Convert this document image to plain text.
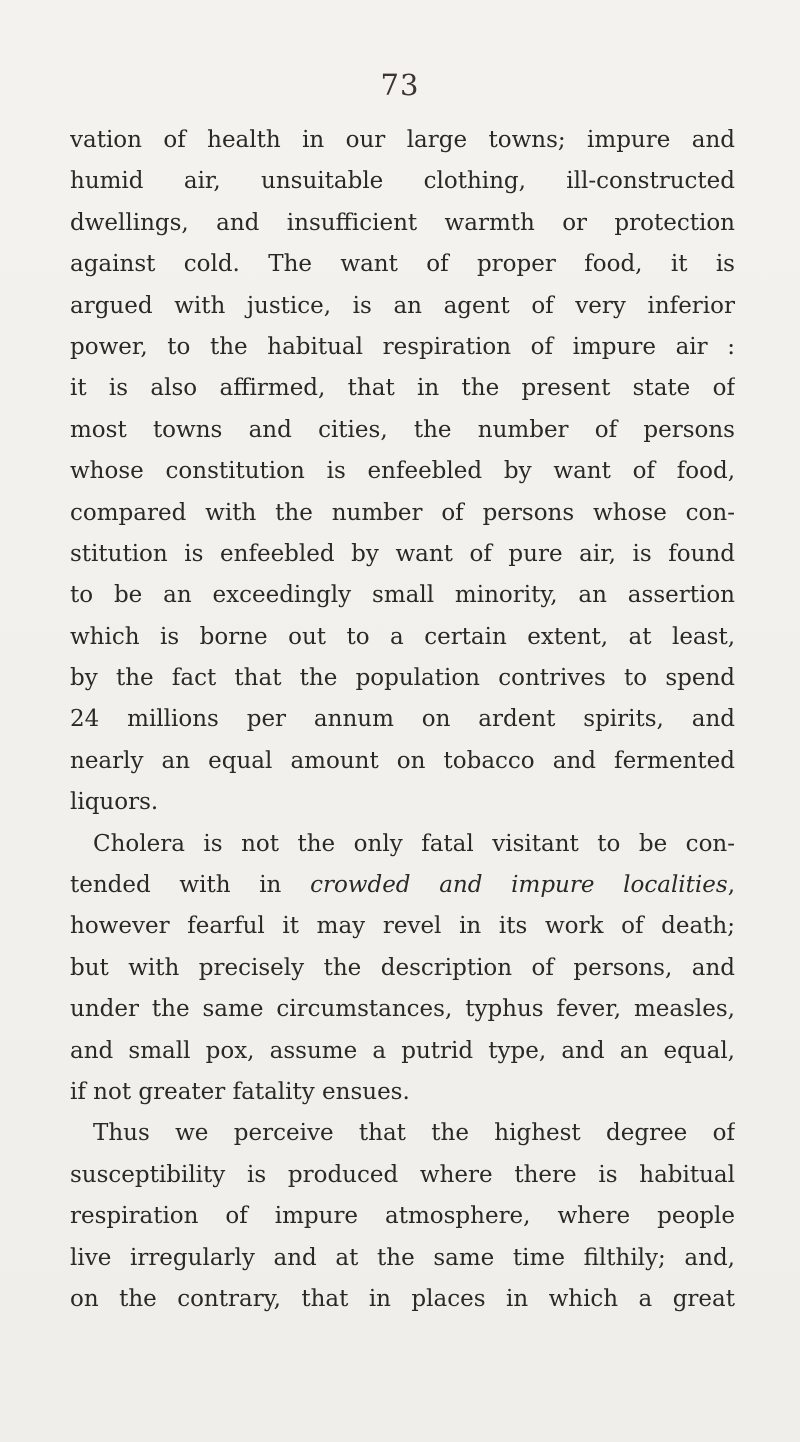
73
vation of health in our large towns; impure and
humid air, unsuitable clothing, ill-constructed
dwellings, and insufficient warmth or protection
against cold. The want of proper food, it is
argued with justice, is an agent of very inferior
power, to the habitual respiration of impure air :
it is also affirmed, that in the present state of
most towns and cities, the number of persons
whose constitution is enfeebled by want of food,
compared with the number of persons whose con-
stitution is enfeebled by want of pure air, is found
to be an exceedingly small minority, an assertion
which is borne out to a certain extent, at least,
by the fact that the population contrives to spend
24 millions per annum on ardent spirits, and
nearly an equal amount on tobacco and fermented
liquors.
Cholera is not the only fatal visitant to be con-
tended with in crowded and impure localities,
however fearful it may revel in its work of death;
but with precisely the description of persons, and
under the same circumstances, typhus fever, measles,
and small pox, assume a putrid type, and an equal,
if not greater fatality ensues.
Thus we perceive that the highest degree of
susceptibility is produced where there is habitual
respiration of impure atmosphere, where people
live irregularly and at the same time filthily; and,
on the contrary, that in places in which a great
